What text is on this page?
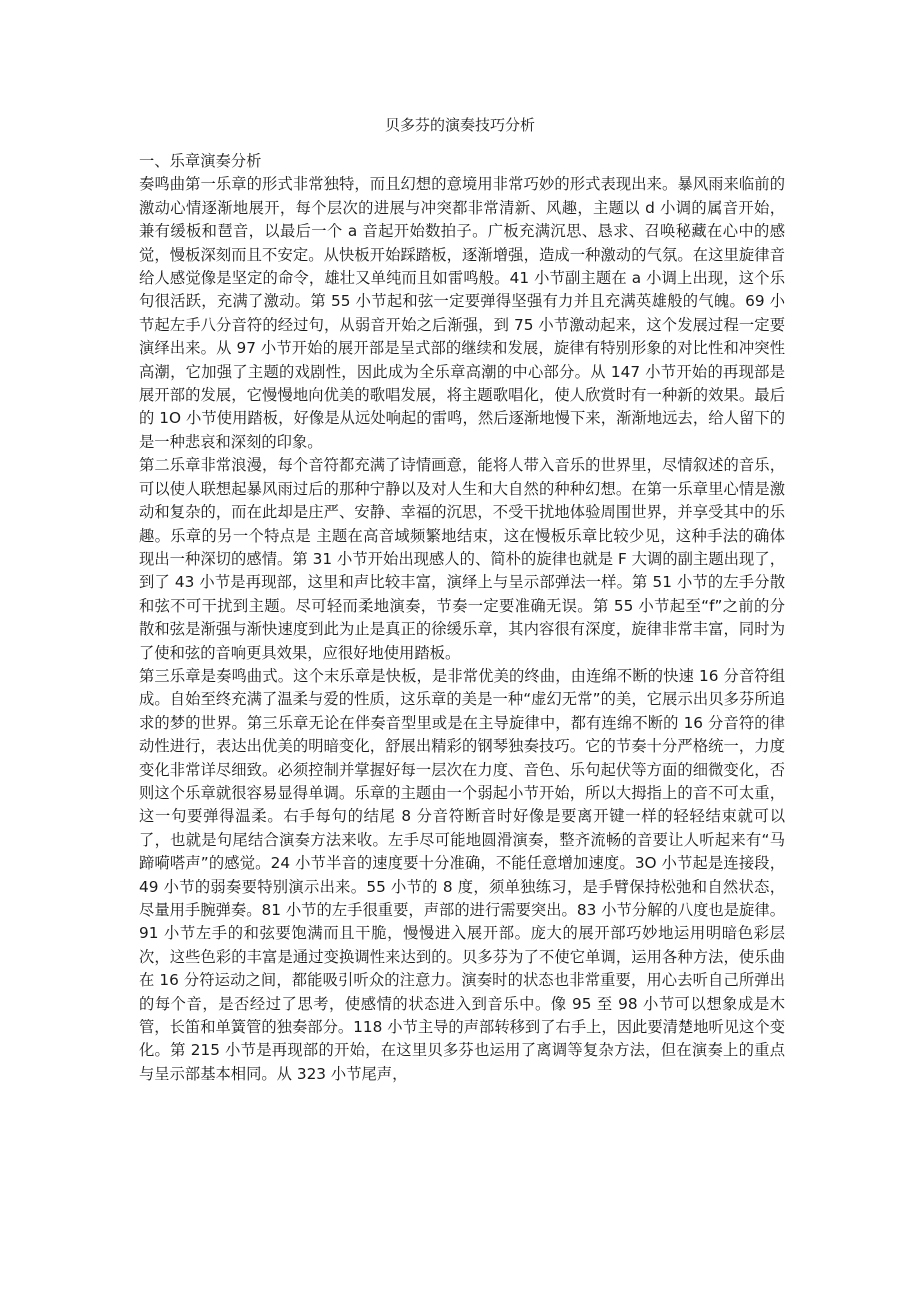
贝多芬的演奏技巧分析
一、乐章演奏分析

奏鸣曲第一乐章的形式非常独特，而且幻想的意境用非常巧妙的形式表现出来。暴风雨来临前的激动心情逐渐地展开，每个层次的进展与冲突都非常清新、风趣，主题以 d 小调的属音开始，兼有缓板和琶音，以最后一个 a 音起开始数拍子。广板充满沉思、恳求、召唤秘藏在心中的感觉，慢板深刻而且不安定。从快板开始踩踏板，逐渐增强，造成一种激动的气氛。在这里旋律音给人感觉像是坚定的命令，雄壮又单纯而且如雷鸣般。41 小节副主题在 a 小调上出现，这个乐句很活跃，充满了激动。第 55 小节起和弦一定要弹得坚强有力并且充满英雄般的气魄。69 小节起左手八分音符的经过句，从弱音开始之后渐强，到 75 小节激动起来，这个发展过程一定要演绎出来。从 97 小节开始的展开部是呈式部的继续和发展，旋律有特别形象的对比性和冲突性高潮，它加强了主题的戏剧性，因此成为全乐章高潮的中心部分。从 147 小节开始的再现部是展开部的发展，它慢慢地向优美的歌唱发展，将主题歌唱化，使人欣赏时有一种新的效果。最后的 1O 小节使用踏板，好像是从远处响起的雷鸣，然后逐渐地慢下来，渐渐地远去，给人留下的是一种悲哀和深刻的印象。

第二乐章非常浪漫，每个音符都充满了诗情画意，能将人带入音乐的世界里，尽情叙述的音乐，可以使人联想起暴风雨过后的那种宁静以及对人生和大自然的种种幻想。在第一乐章里心情是激动和复杂的，而在此却是庄严、安静、幸福的沉思，不受干扰地体验周围世界，并享受其中的乐趣。乐章的另一个特点是 主题在高音域频繁地结束，这在慢板乐章比较少见，这种手法的确体现出一种深切的感情。第 31 小节开始出现感人的、简朴的旋律也就是 F 大调的副主题出现了，到了 43 小节是再现部，这里和声比较丰富，演绎上与呈示部弹法一样。第 51 小节的左手分散和弦不可干扰到主题。尽可轻而柔地演奏，节奏一定要准确无误。第 55 小节起至“f”之前的分散和弦是渐强与渐快速度到此为止是真正的徐缓乐章，其内容很有深度，旋律非常丰富，同时为了使和弦的音响更具效果，应很好地使用踏板。

第三乐章是奏鸣曲式。这个末乐章是快板，是非常优美的终曲，由连绵不断的快速 16 分音符组成。自始至终充满了温柔与爱的性质，这乐章的美是一种“虚幻无常”的美，它展示出贝多芬所追求的梦的世界。第三乐章无论在伴奏音型里或是在主导旋律中，都有连绵不断的 16 分音符的律动性进行，表达出优美的明暗变化，舒展出精彩的钢琴独奏技巧。它的节奏十分严格统一，力度变化非常详尽细致。必须控制并掌握好每一层次在力度、音色、乐句起伏等方面的细微变化，否则这个乐章就很容易显得单调。乐章的主题由一个弱起小节开始，所以大拇指上的音不可太重，这一句要弹得温柔。右手每句的结尾 8 分音符断音时好像是要离开键一样的轻轻结束就可以了，也就是句尾结合演奏方法来收。左手尽可能地圆滑演奏，整齐流畅的音要让人听起来有“马蹄嗬嗒声”的感觉。24 小节半音的速度要十分准确，不能任意增加速度。3O 小节起是连接段，49 小节的弱奏要特别演示出来。55 小节的 8 度，须单独练习，是手臂保持松弛和自然状态，尽量用手腕弹奏。81 小节的左手很重要，声部的进行需要突出。83 小节分解的八度也是旋律。91 小节左手的和弦要饱满而且干脆，慢慢进入展开部。庞大的展开部巧妙地运用明暗色彩层次，这些色彩的丰富是通过变换调性来达到的。贝多芬为了不使它单调，运用各种方法，使乐曲在 16 分符运动之间，都能吸引听众的注意力。演奏时的状态也非常重要，用心去听自己所弹出的每个音，是否经过了思考，使感情的状态进入到音乐中。像 95 至 98 小节可以想象成是木管，长笛和单簧管的独奏部分。118 小节主导的声部转移到了右手上，因此要清楚地听见这个变化。第 215 小节是再现部的开始，在这里贝多芬也运用了离调等复杂方法，但在演奏上的重点与呈示部基本相同。从 323 小节尾声，
